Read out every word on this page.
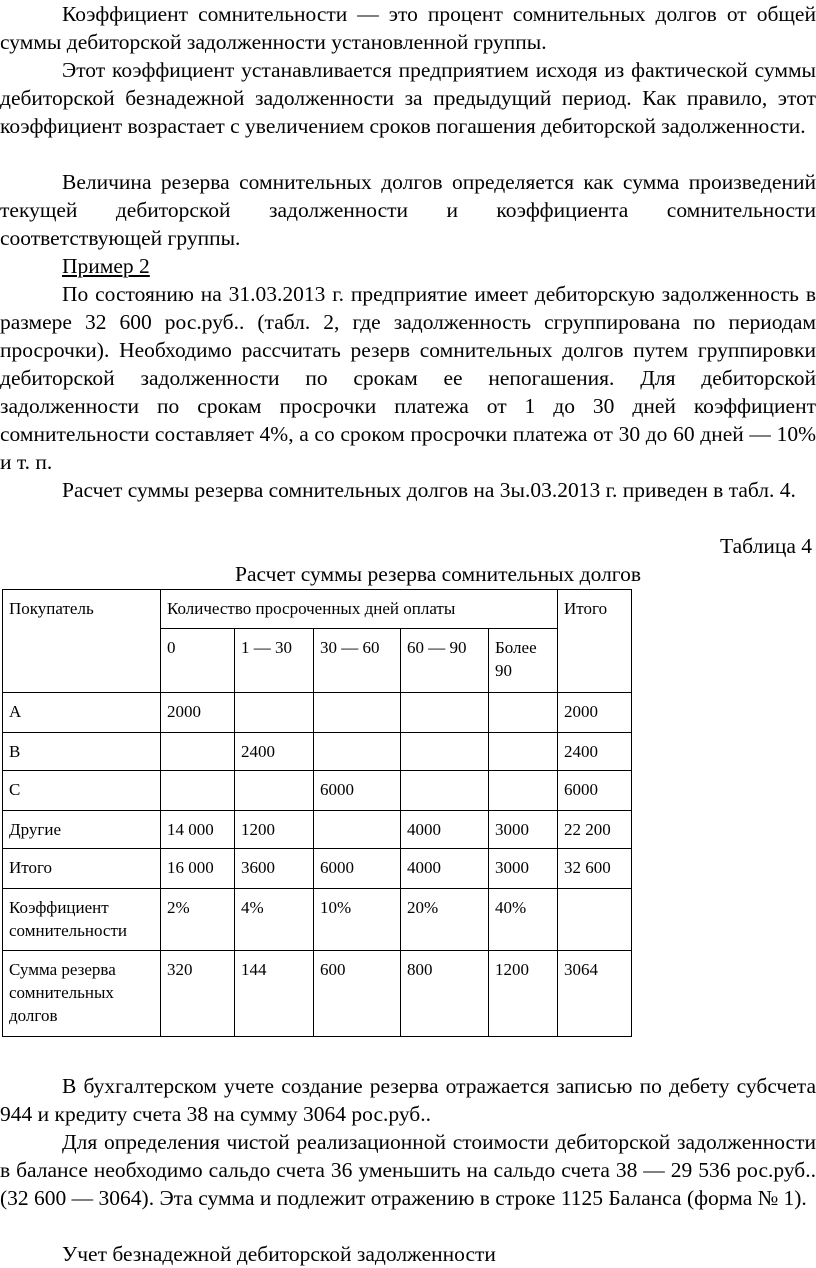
Коэффициент сомнительности — это процент сомнительных долгов от общей суммы дебиторской задолженности установленной группы.

Этот коэффициент устанавливается предприятием исходя из фактической суммы дебиторской безнадежной задолженности за предыдущий период. Как правило, этот коэффициент возрастает с увеличением сроков погашения дебиторской задолженности.

Величина резерва сомнительных долгов определяется как сумма произведений текущей дебиторской задолженности и коэффициента сомнительности соответствующей группы.

Пример 2

По состоянию на 31.03.2013 г. предприятие имеет дебиторскую задолженность в размере 32 600 рос.руб.. (табл. 2, где задолженность сгруппирована по периодам просрочки). Необходимо рассчитать резерв сомнительных долгов путем группировки дебиторской задолженности по срокам ее непогашения. Для дебиторской задолженности по срокам просрочки платежа от 1 до 30 дней коэффициент сомнительности составляет 4%, а со сроком просрочки платежа от 30 до 60 дней — 10% и т. п.

Расчет суммы резерва сомнительных долгов на 3ы.03.2013 г. приведен в табл. 4.

Таблица 4
Расчет суммы резерва сомнительных долгов
Покупатель	Количество просроченных дней оплаты					Итого
	0	1 — 30	30 — 60	60 — 90	Более 90	
А	2000					2000
В		2400				2400
С			6000			6000
Другие	14 000	1200		4000	3000	22 200
Итого	16 000	3600	6000	4000	3000	32 600
Коэффициент сомнительности	2%	4%	10%	20%	40%	
Сумма резерва сомнительных долгов	320	144	600	800	1200	3064

В бухгалтерском учете создание резерва отражается записью по дебету субсчета 944 и кредиту счета 38 на сумму 3064 рос.руб..

Для определения чистой реализационной стоимости дебиторской задолженности в балансе необходимо сальдо счета 36 уменьшить на сальдо счета 38 — 29 536 рос.руб.. (32 600 — 3064). Эта сумма и подлежит отражению в строке 1125 Баланса (форма № 1).

Учет безнадежной дебиторской задолженности
